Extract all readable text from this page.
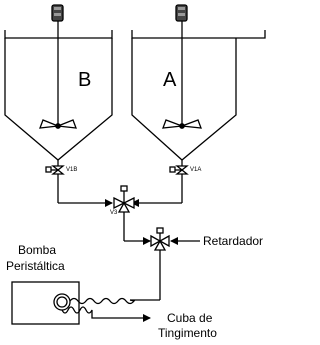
B	A
V1B	V1A
V3
Retardador
Bomba
Peristáltica
Cuba de
Tingimento
